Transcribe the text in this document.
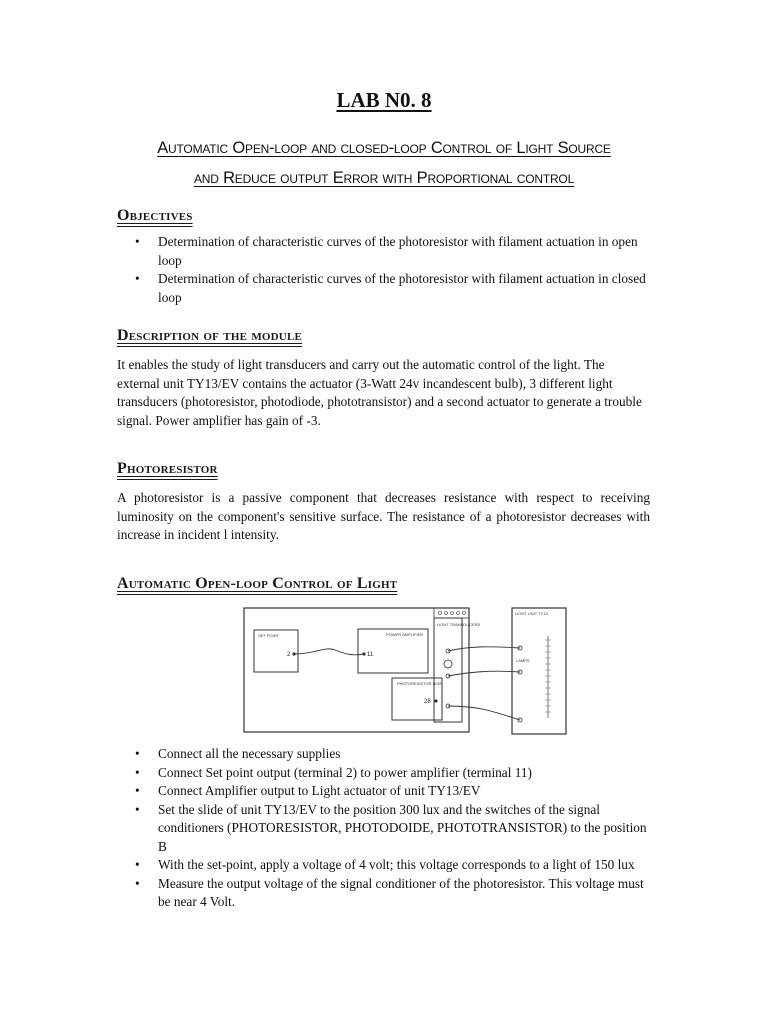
LAB N0. 8
Automatic Open-loop and closed-loop Control of Light Source
and Reduce output Error with Proportional control
Objectives
• Determination of characteristic curves of the photoresistor with filament actuation in open loop
• Determination of characteristic curves of the photoresistor with filament actuation in closed loop
Description of the module

It enables the study of light transducers and carry out the automatic control of the light. The external unit TY13/EV contains the actuator (3-Watt 24v incandescent bulb), 3 different light transducers (photoresistor, photodiode, phototransistor) and a second actuator to generate a trouble signal. Power amplifier has gain of -3.

Photoresistor

A photoresistor is a passive component that decreases resistance with respect to receiving luminosity on the component's sensitive surface. The resistance of a photoresistor decreases with increase in incident l intensity.

Automatic Open-loop Control of Light
SET POINT
2
POWER AMPLIFIER
11
PHOTORESISTOR SIGN
28
LIGHT TRANSDUCERS
LIGHT UNIT TY13
LAMPS
• Connect all the necessary supplies
• Connect Set point output (terminal 2) to power amplifier (terminal 11)
• Connect Amplifier output to Light actuator of unit TY13/EV
• Set the slide of unit TY13/EV to the position 300 lux and the switches of the signal conditioners (PHOTORESISTOR, PHOTODOIDE, PHOTOTRANSISTOR) to the position B
• With the set-point, apply a voltage of 4 volt; this voltage corresponds to a light of 150 lux
• Measure the output voltage of the signal conditioner of the photoresistor. This voltage must be near 4 Volt.
